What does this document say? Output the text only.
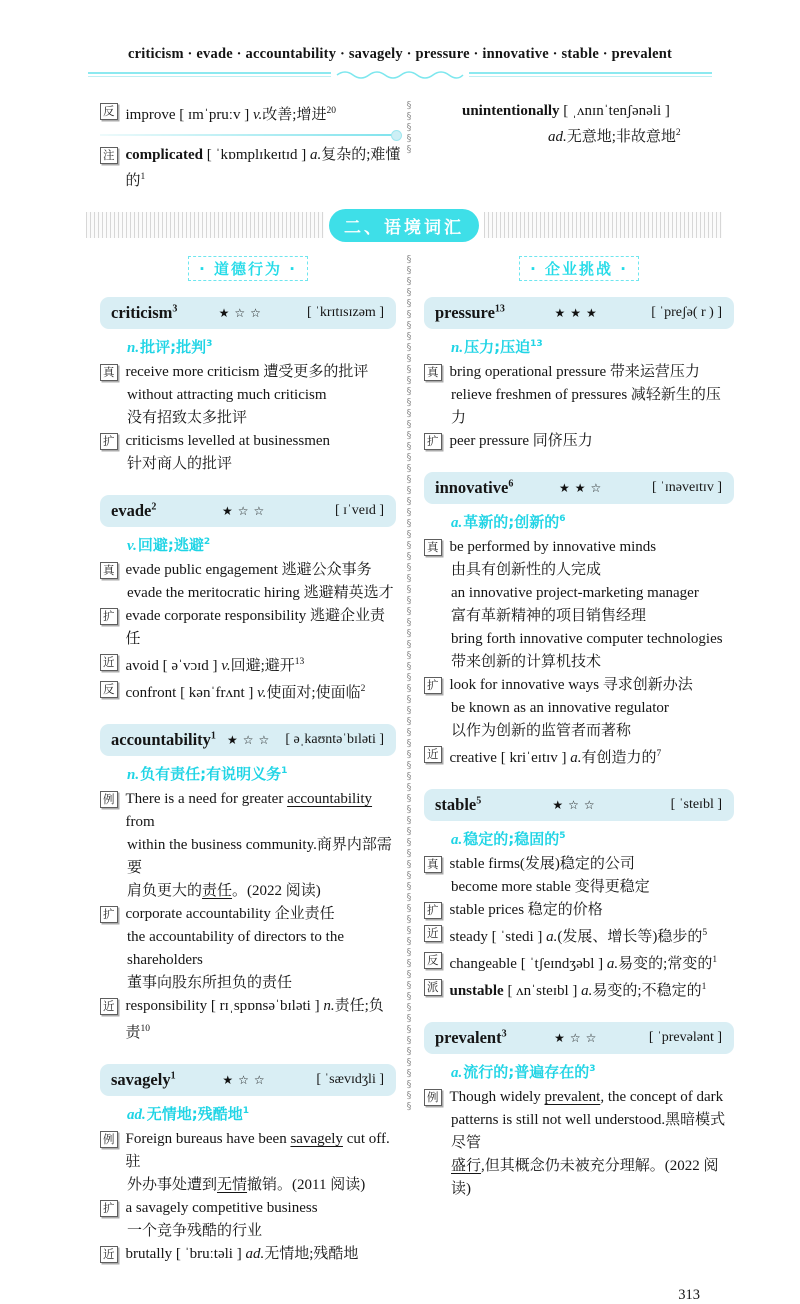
criticism · evade · accountability · savagely · pressure · innovative · stable · prevalent
反 improve [ ɪmˈpruːv ] v.改善;增进$^{20}$
注 complicated [ ˈkɒmplɪkeɪtɪd ] a.复杂的;难懂的$^1$
§
§
§
§
§
unintentionally [ ˌʌnɪnˈtenʃənəli ]
ad.无意地;非故意地$^2$
二、语境词汇
· 道德行为 ·
criticism$^3$	★☆☆	[ ˈkrɪtɪsɪzəm ]
n.批评;批判$^3$
真 receive more criticism 遭受更多的批评
without attracting much criticism
没有招致太多批评
扩 criticisms levelled at businessmen
针对商人的批评
evade$^2$	★☆☆	[ ɪˈveɪd ]
v.回避;逃避$^2$
真 evade public engagement 逃避公众事务
evade the meritocratic hiring 逃避精英选才
扩 evade corporate responsibility 逃避企业责任
近 avoid [ əˈvɔɪd ] v.回避;避开$^{13}$
反 confront [ kənˈfrʌnt ] v.使面对;使面临$^2$
accountability$^1$ ★☆☆ [ əˌkaʊntəˈbɪləti ]
n.负有责任;有说明义务$^1$
例 There is a need for greater accountability from
within the business community.商界内部需要
肩负更大的责任。(2022 阅读)
扩 corporate accountability 企业责任
the accountability of directors to the shareholders
董事向股东所担负的责任
近 responsibility [ rɪˌspɒnsəˈbɪləti ] n.责任;负责$^{10}$
savagely$^1$	★☆☆	[ ˈsævɪdʒli ]
ad.无情地;残酷地$^1$
例 Foreign bureaus have been savagely cut off.驻
外办事处遭到无情撤销。(2011 阅读)
扩 a savagely competitive business
一个竞争残酷的行业
近 brutally [ ˈbruːtəli ] ad.无情地;残酷地
§
§
§
§
§
§
§
§
§
§
§
§
§
§
§
§
§
§
§
§
§
§
§
§
§
§
§
§
§
§
§
§
§
§
§
§
§
§
§
§
§
§
§
§
§
§
§
§
§
§
§
§
§
§
§
§
§
§
§
§
§
§
§
§
§
§
§
§
§
§
§
§
§
§
§
§
§
§
· 企业挑战 ·
pressure$^{13}$	★★★	[ ˈpreʃə( r ) ]
n.压力;压迫$^{13}$
真 bring operational pressure 带来运营压力
relieve freshmen of pressures 减轻新生的压力
扩 peer pressure 同侪压力
innovative$^6$	★★☆	[ ˈɪnəveɪtɪv ]
a.革新的;创新的$^6$
真 be performed by innovative minds
由具有创新性的人完成
an innovative project-marketing manager
富有革新精神的项目销售经理
bring forth innovative computer technologies
带来创新的计算机技术
扩 look for innovative ways 寻求创新办法
be known as an innovative regulator
以作为创新的监管者而著称
近 creative [ kriˈeɪtɪv ] a.有创造力的$^7$
stable$^5$	★☆☆	[ ˈsteɪbl ]
a.稳定的;稳固的$^5$
真 stable firms(发展)稳定的公司
become more stable 变得更稳定
扩 stable prices 稳定的价格
近 steady [ ˈstedi ] a.(发展、增长等)稳步的$^5$
反 changeable [ ˈtʃeɪndʒəbl ] a.易变的;常变的$^1$
派 unstable [ ʌnˈsteɪbl ] a.易变的;不稳定的$^1$
prevalent$^3$	★☆☆	[ ˈprevələnt ]
a.流行的;普遍存在的$^3$
例 Though widely prevalent, the concept of dark
patterns is still not well understood.黑暗模式尽管
盛行,但其概念仍未被充分理解。(2022 阅读)
313
